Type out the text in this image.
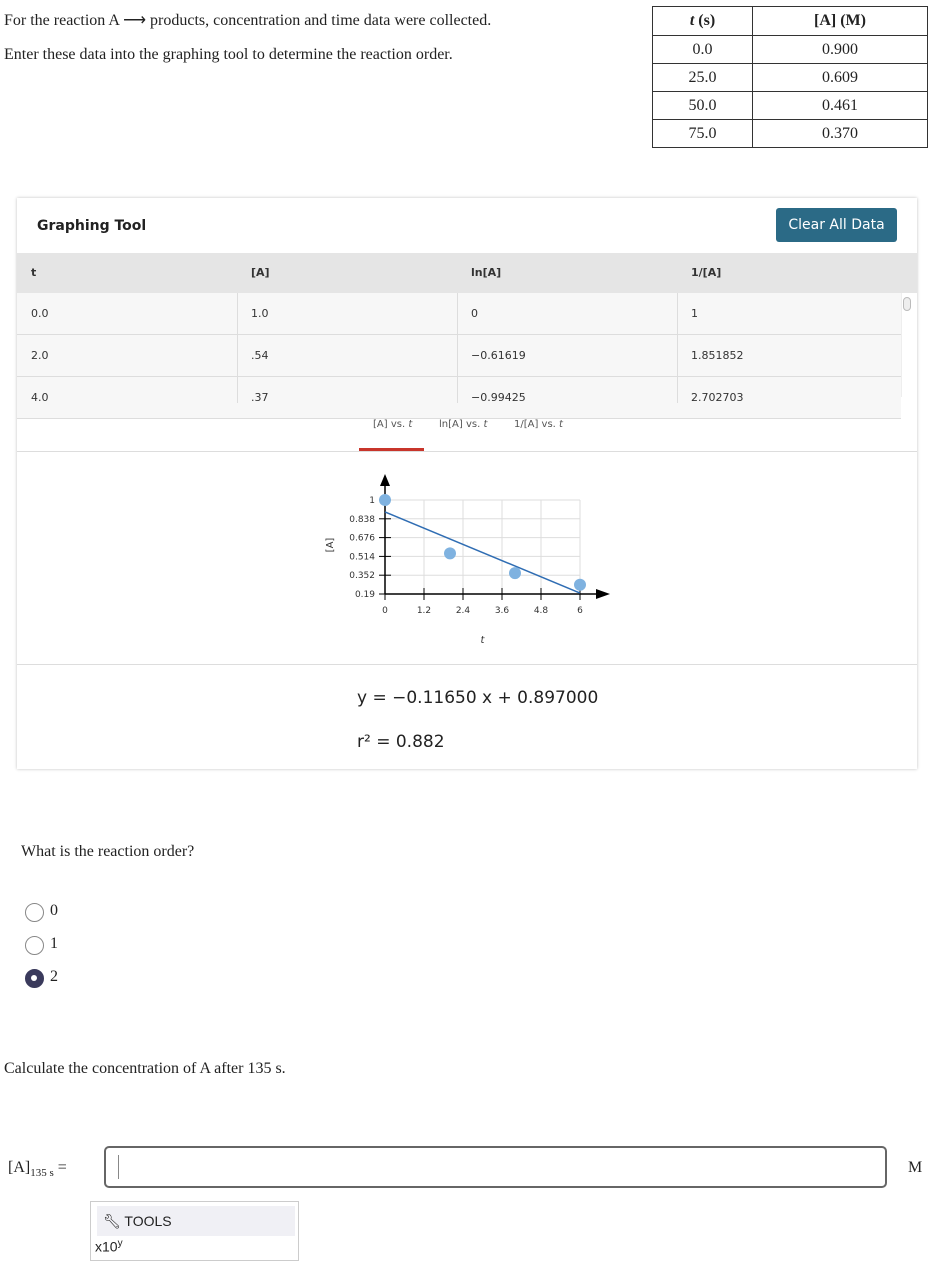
For the reaction A ⟶ products, concentration and time data were collected.
Enter these data into the graphing tool to determine the reaction order.
t (s)	[A] (M)
0.0	0.900
25.0	0.609
50.0	0.461
75.0	0.370
Graphing Tool	Clear All Data
t	[A]	ln[A]	1/[A]
0.0	1.0	0	1
2.0	.54	−0.61619	1.851852
4.0	.37	−0.99425	2.702703
[A] vs. t	ln[A] vs. t	1/[A] vs. t
0	1.2	2.4	3.6	4.8	6
1
0.838
0.676
0.514
0.352
0.19
t
[A]
y = −0.11650 x + 0.897000
r² = 0.882
What is the reaction order?
0
1
2
Calculate the concentration of A after 135 s.
$[A]_{135 s}$ =	M
🔧︎ TOOLS
x10$^y$
